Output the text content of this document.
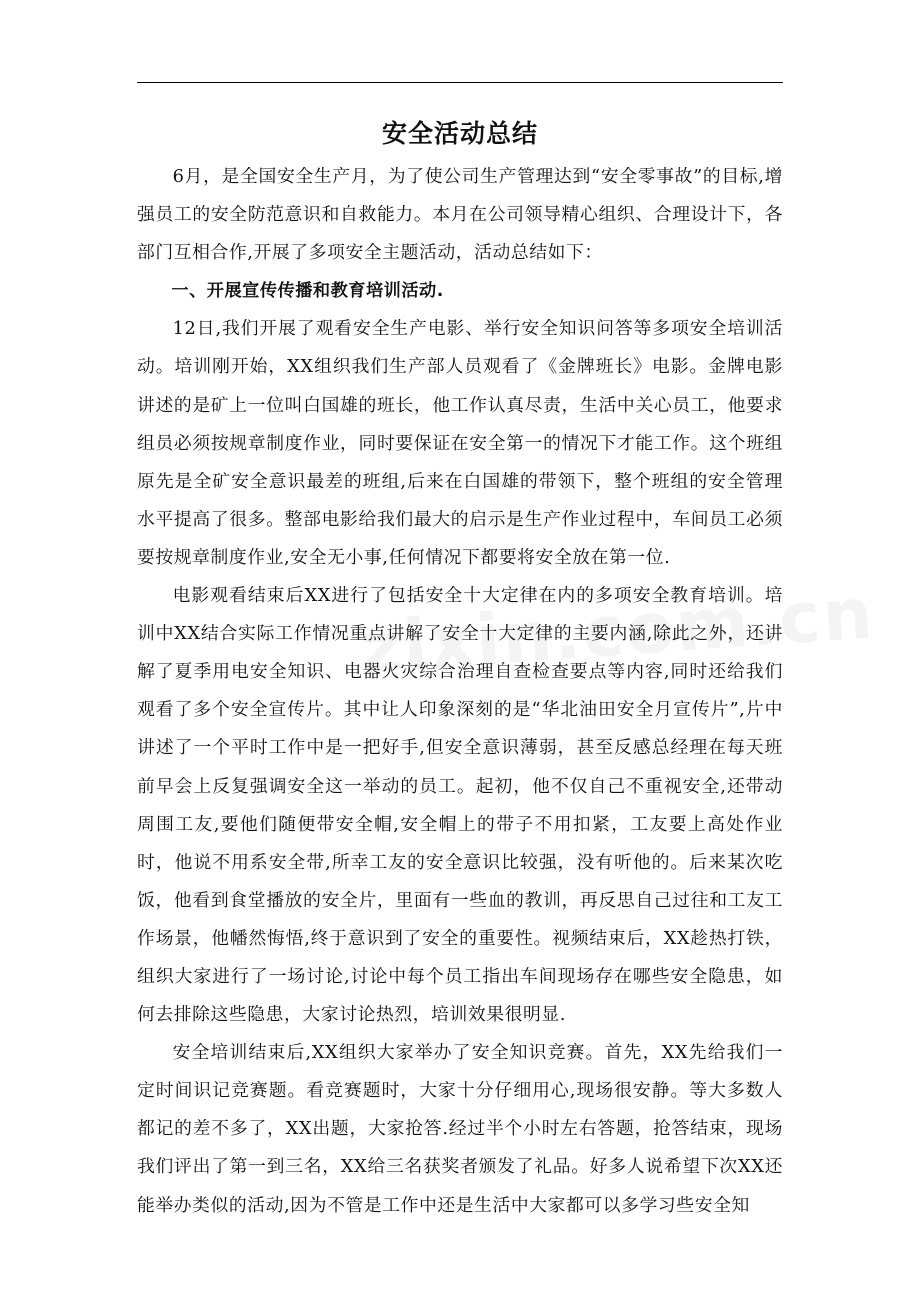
安全活动总结

6月，是全国安全生产月，为了使公司生产管理达到“安全零事故”的目标,增强员工的安全防范意识和自救能力。本月在公司领导精心组织、合理设计下，各部门互相合作,开展了多项安全主题活动，活动总结如下：

一、开展宣传传播和教育培训活动.

12日,我们开展了观看安全生产电影、举行安全知识问答等多项安全培训活动。培训刚开始，XX组织我们生产部人员观看了《金牌班长》电影。金牌电影讲述的是矿上一位叫白国雄的班长，他工作认真尽责，生活中关心员工，他要求组员必须按规章制度作业，同时要保证在安全第一的情况下才能工作。这个班组原先是全矿安全意识最差的班组,后来在白国雄的带领下，整个班组的安全管理水平提高了很多。整部电影给我们最大的启示是生产作业过程中，车间员工必须要按规章制度作业,安全无小事,任何情况下都要将安全放在第一位.

电影观看结束后XX进行了包括安全十大定律在内的多项安全教育培训。培训中XX结合实际工作情况重点讲解了安全十大定律的主要内涵,除此之外，还讲解了夏季用电安全知识、电器火灾综合治理自查检查要点等内容,同时还给我们观看了多个安全宣传片。其中让人印象深刻的是“华北油田安全月宣传片”,片中讲述了一个平时工作中是一把好手,但安全意识薄弱，甚至反感总经理在每天班前早会上反复强调安全这一举动的员工。起初，他不仅自己不重视安全,还带动周围工友,要他们随便带安全帽,安全帽上的带子不用扣紧，工友要上高处作业时，他说不用系安全带,所幸工友的安全意识比较强，没有听他的。后来某次吃饭，他看到食堂播放的安全片，里面有一些血的教训，再反思自己过往和工友工作场景，他幡然悔悟,终于意识到了安全的重要性。视频结束后，XX趁热打铁，组织大家进行了一场讨论,讨论中每个员工指出车间现场存在哪些安全隐患，如何去排除这些隐患，大家讨论热烈，培训效果很明显.

安全培训结束后,XX组织大家举办了安全知识竞赛。首先，XX先给我们一定时间识记竞赛题。看竞赛题时，大家十分仔细用心,现场很安静。等大多数人都记的差不多了，XX出题，大家抢答.经过半个小时左右答题，抢答结束，现场我们评出了第一到三名，XX给三名获奖者颁发了礼品。好多人说希望下次XX还能举办类似的活动,因为不管是工作中还是生活中大家都可以多学习些安全知
